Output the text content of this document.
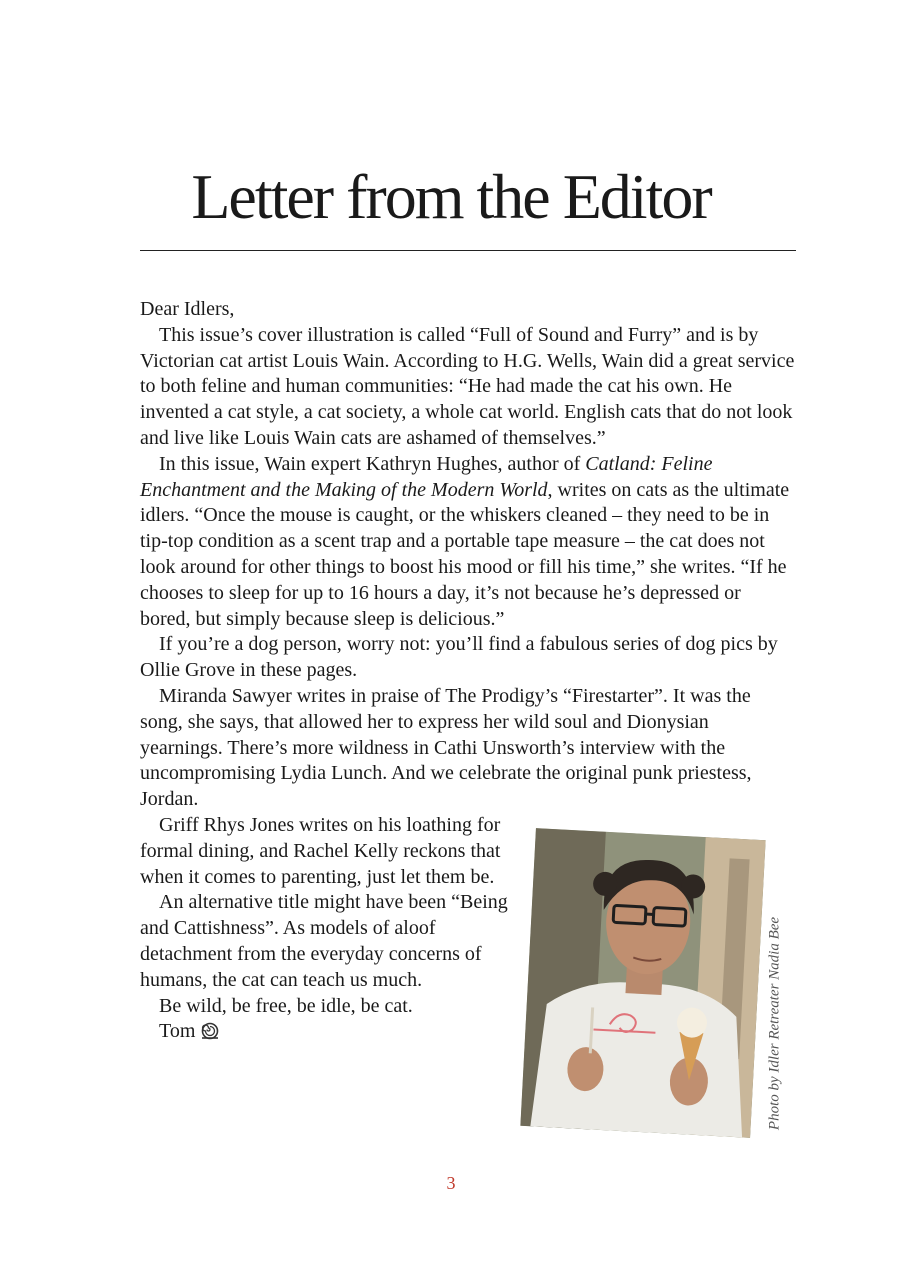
Letter from the Editor

Dear Idlers,

This issue’s cover illustration is called “Full of Sound and Furry” and is by Victorian cat artist Louis Wain. According to H.G. Wells, Wain did a great service to both feline and human communities: “He had made the cat his own. He invented a cat style, a cat society, a whole cat world. English cats that do not look and live like Louis Wain cats are ashamed of themselves.”

In this issue, Wain expert Kathryn Hughes, author of Catland: Feline Enchantment and the Making of the Modern World, writes on cats as the ultimate idlers. “Once the mouse is caught, or the whiskers cleaned – they need to be in tip-top condition as a scent trap and a portable tape measure – the cat does not look around for other things to boost his mood or fill his time,” she writes. “If he chooses to sleep for up to 16 hours a day, it’s not because he’s depressed or bored, but simply because sleep is delicious.”

If you’re a dog person, worry not: you’ll find a fabulous series of dog pics by Ollie Grove in these pages.

Miranda Sawyer writes in praise of The Prodigy’s “Firestarter”. It was the song, she says, that allowed her to express her wild soul and Dionysian yearnings. There’s more wildness in Cathi Unsworth’s interview with the uncompromising Lydia Lunch. And we celebrate the original punk priestess, Jordan.

Griff Rhys Jones writes on his loathing for formal dining, and Rachel Kelly reckons that when it comes to parenting, just let them be.

An alternative title might have been “Being and Cattishness”. As models of aloof detachment from the everyday concerns of humans, the cat can teach us much.

Be wild, be free, be idle, be cat.

Tom	Photo by Idler Retreater Nadia Bee
3
